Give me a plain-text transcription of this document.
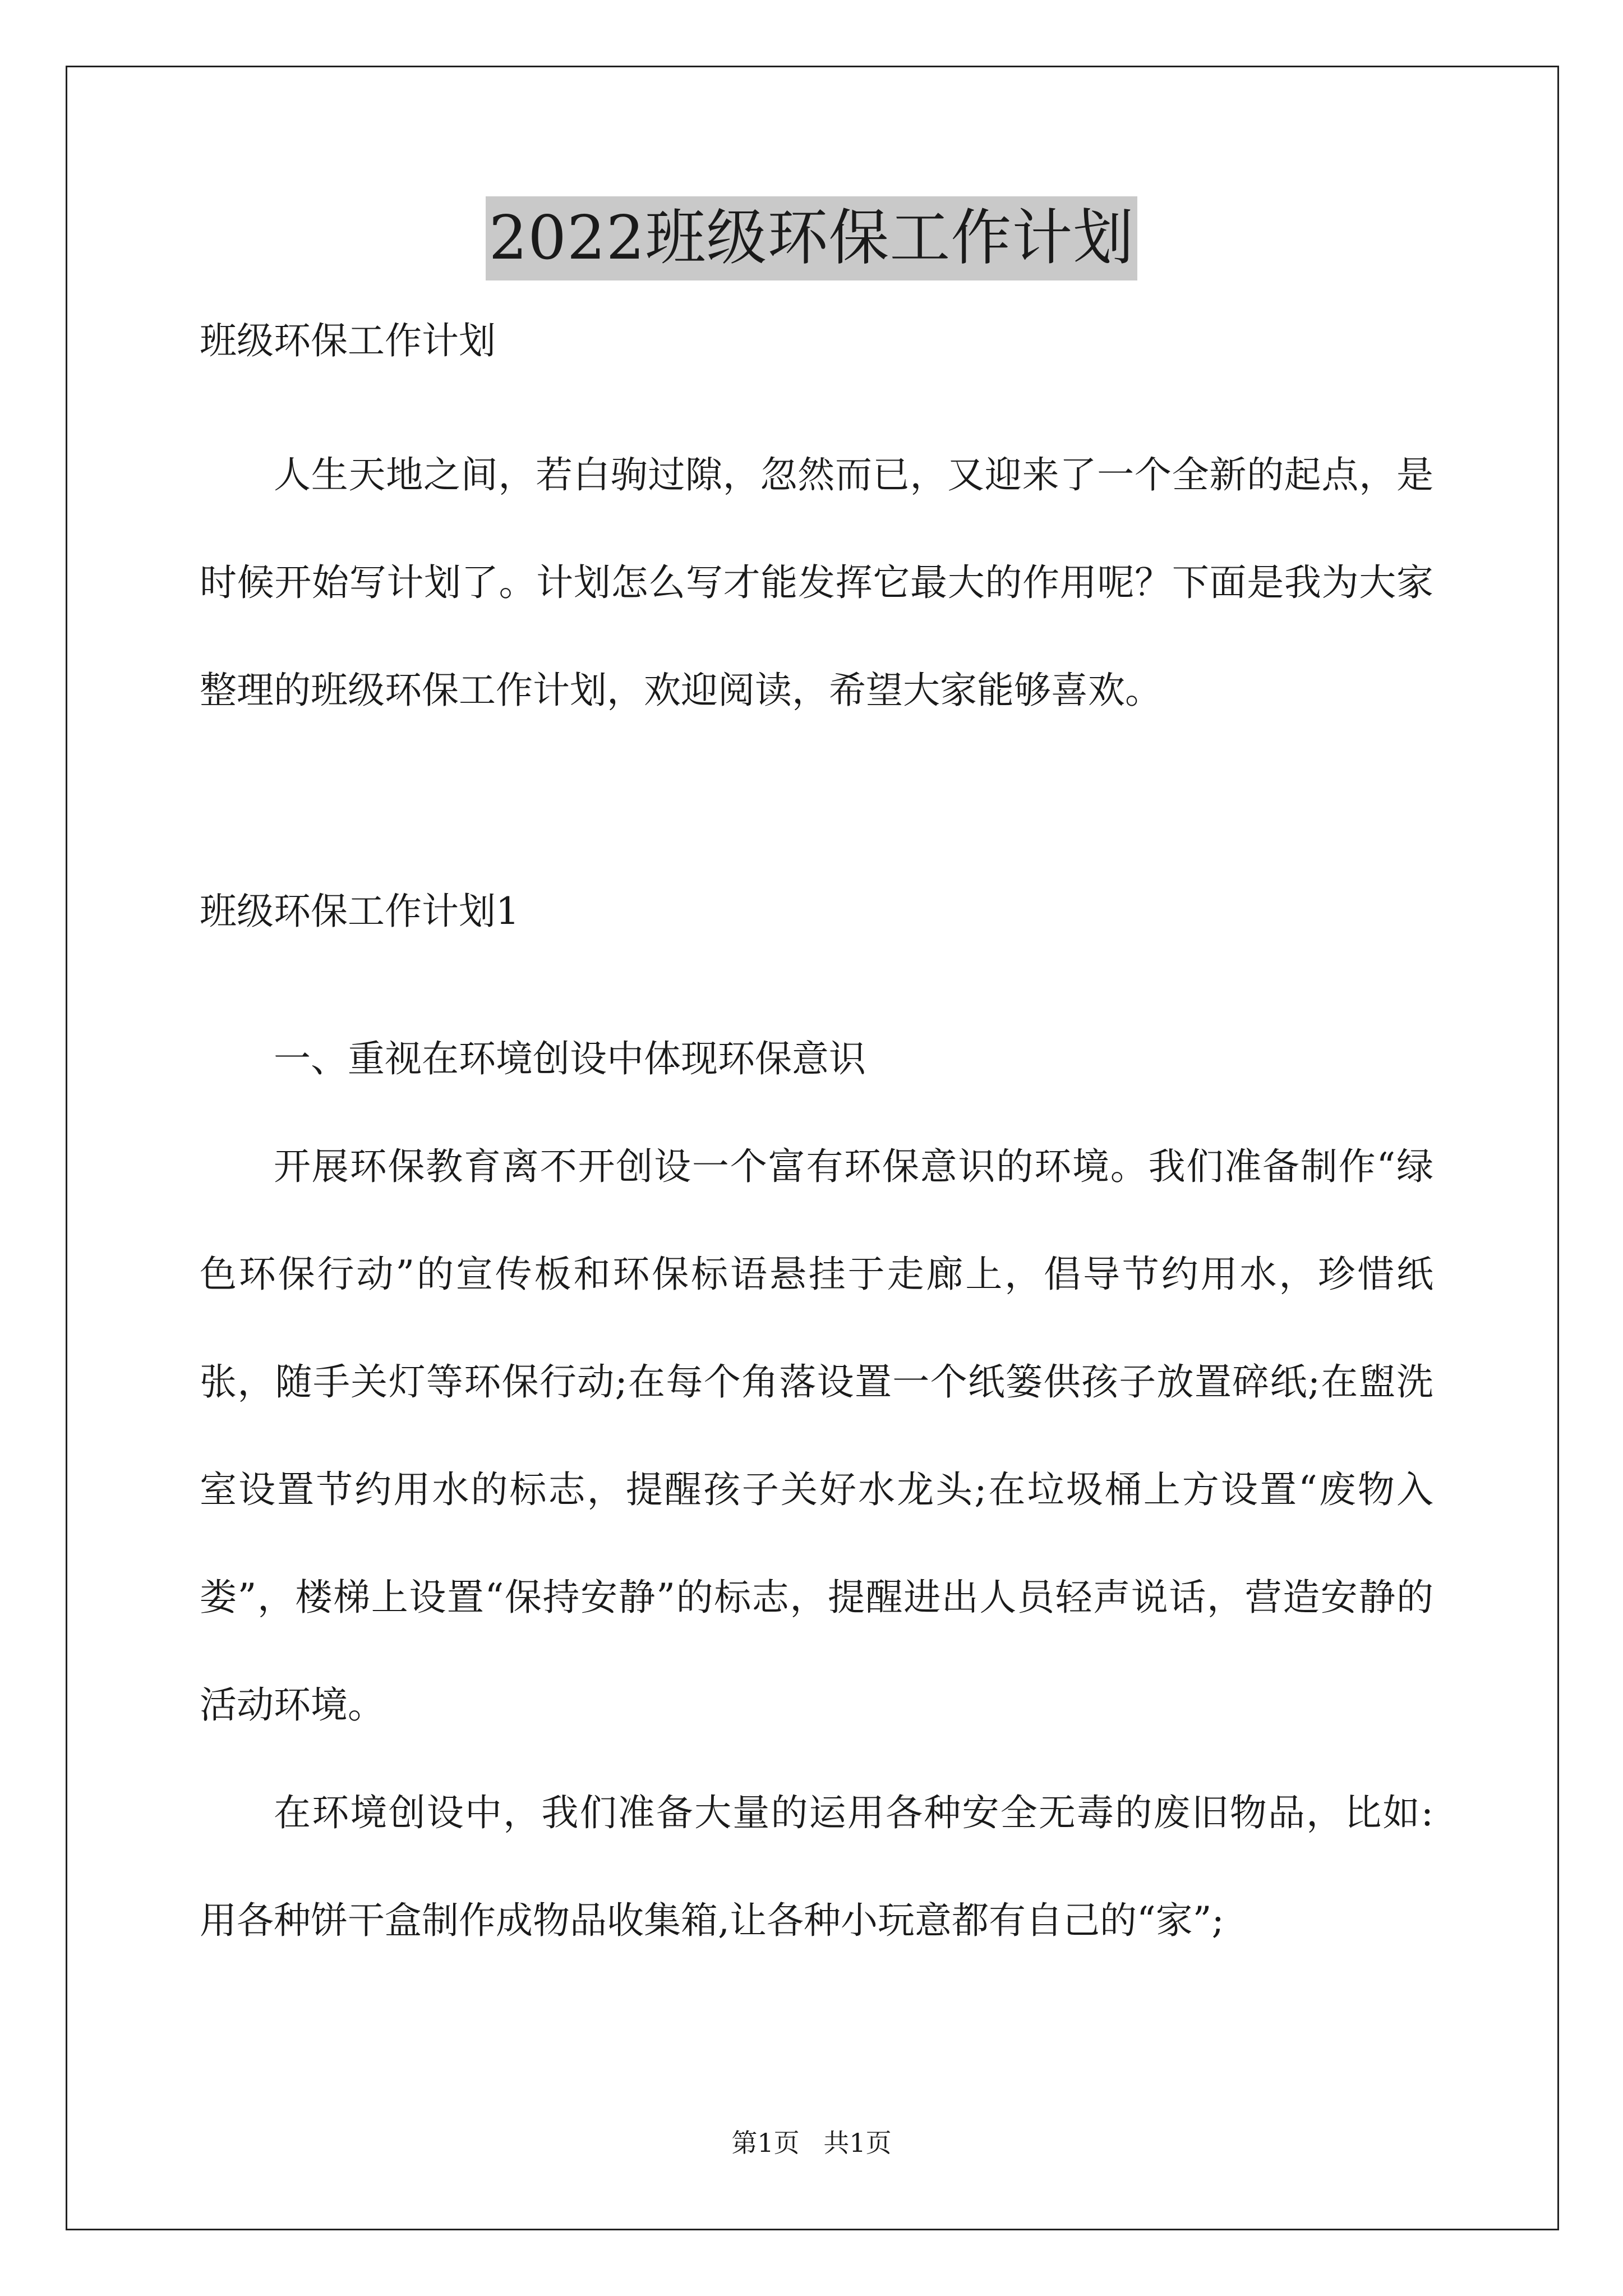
2022班级环保工作计划

班级环保工作计划

人生天地之间，若白驹过隙，忽然而已，又迎来了一个全新的起点，是时候开始写计划了。计划怎么写才能发挥它最大的作用呢？下面是我为大家整理的班级环保工作计划，欢迎阅读，希望大家能够喜欢。

班级环保工作计划1

一、重视在环境创设中体现环保意识

开展环保教育离不开创设一个富有环保意识的环境。我们准备制作“绿色环保行动”的宣传板和环保标语悬挂于走廊上，倡导节约用水，珍惜纸张，随手关灯等环保行动;在每个角落设置一个纸篓供孩子放置碎纸;在盥洗室设置节约用水的标志，提醒孩子关好水龙头;在垃圾桶上方设置“废物入娄”，楼梯上设置“保持安静”的标志，提醒进出人员轻声说话，营造安静的活动环境。

在环境创设中，我们准备大量的运用各种安全无毒的废旧物品，比如:用各种饼干盒制作成物品收集箱,让各种小玩意都有自己的“家”;

第1页 共1页
